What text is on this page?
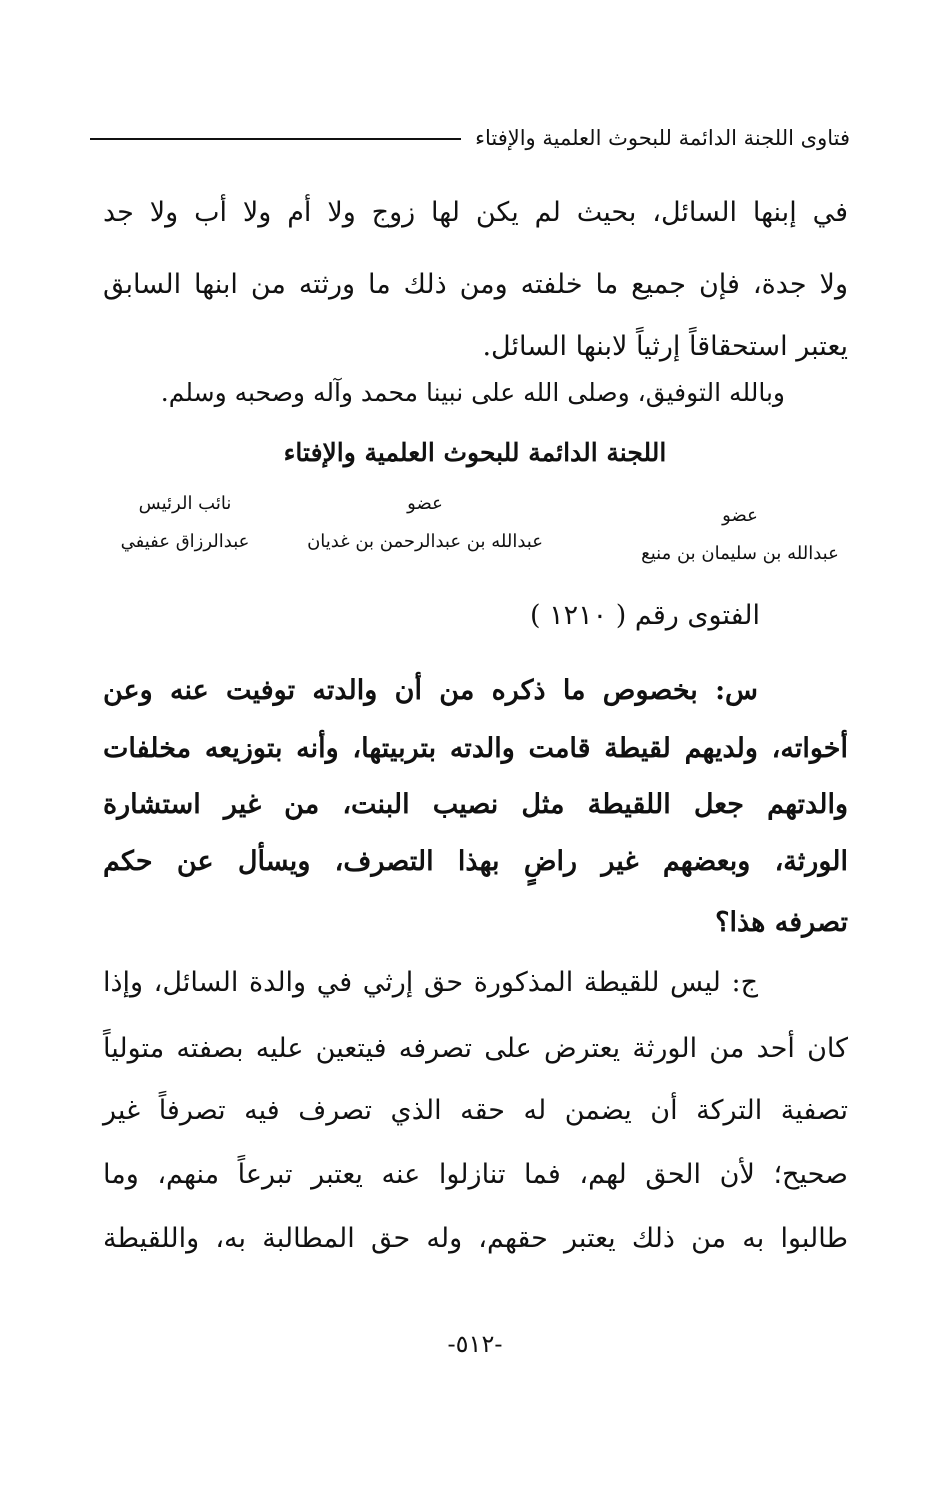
فتاوى اللجنة الدائمة للبحوث العلمية والإفتاء
في إبنها السائل، بحيث لم يكن لها زوج ولا أم ولا أب ولا جد
ولا جدة، فإن جميع ما خلفته ومن ذلك ما ورثته من ابنها السابق
يعتبر استحقاقاً إرثياً لابنها السائل.
وبالله التوفيق، وصلى الله على نبينا محمد وآله وصحبه وسلم.
اللجنة الدائمة للبحوث العلمية والإفتاء
عضو
عبدالله بن سليمان بن منيع
عضو
عبدالله بن عبدالرحمن بن غديان
نائب الرئيس
عبدالرزاق عفيفي
الفتوى رقم ( ١٢١٠ )
س: بخصوص ما ذكره من أن والدته توفيت عنه وعن
أخواته، ولديهم لقيطة قامت والدته بتربيتها، وأنه بتوزيعه مخلفات
والدتهم جعل اللقيطة مثل نصيب البنت، من غير استشارة
الورثة، وبعضهم غير راضٍ بهذا التصرف، ويسأل عن حكم
تصرفه هذا؟
ج: ليس للقيطة المذكورة حق إرثي في والدة السائل، وإذا
كان أحد من الورثة يعترض على تصرفه فيتعين عليه بصفته متولياً
تصفية التركة أن يضمن له حقه الذي تصرف فيه تصرفاً غير
صحيح؛ لأن الحق لهم، فما تنازلوا عنه يعتبر تبرعاً منهم، وما
طالبوا به من ذلك يعتبر حقهم، وله حق المطالبة به، واللقيطة
-٥١٢-
